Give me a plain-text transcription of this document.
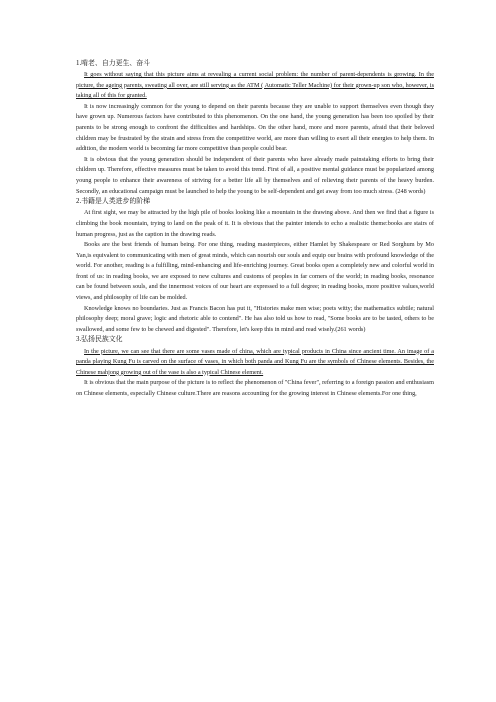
1.啃老、自力更生、奋斗

It goes without saying that this picture aims at revealing a current social problem: the number of parent-dependents is growing. In the picture, the ageing parents, sweating all over, are still serving as the ATM ( Automatic Teller Machine) for their grown-up son who, however, is taking all of this for granted.

It is now increasingly common for the young to depend on their parents because they are unable to support themselves even though they have grown up. Numerous factors have contributed to this phenomenon. On the one hand, the young generation has been too spoiled by their parents to be strong enough to confront the difficulties and hardships. On the other hand, more and more parents, afraid that their beloved children may be frustrated by the strain and stress from the competitive world, are more than willing to exert all their energies to help them. In addition, the modern world is becoming far more competitive than people could bear.

It is obvious that the young generation should be independent of their parents who have already made painstaking efforts to bring their children up. Therefore, effective measures must be taken to avoid this trend. First of all, a positive mental guidance must be popularized among young people to enhance their awareness of striving for a better life all by themselves and of relieving their parents of the heavy burden. Secondly, an educational campaign must be launched to help the young to be self-dependent and get away from too much stress. (248 words)

2.书籍是人类进步的阶梯

At first sight, we may be attracted by the high pile of books looking like a mountain in the drawing above. And then we find that a figure is climbing the book mountain, trying to land on the peak of it. It is obvious that the painter intends to echo a realistic theme:books are stairs of human progress, just as the caption in the drawing reads.

Books are the best friends of human being. For one thing, reading masterpieces, either Hamlet by Shakespeare or Red Sorghum by Mo Yan,is equivalent to communicating with men of great minds, which can nourish our souls and equip our brains with profound knowledge of the world. For another, reading is a fulfilling, mind-enhancing and life-enriching journey. Great books open a completely new and colorful world in front of us: in reading books, we are exposed to new cultures and customs of peoples in far corners of the world; in reading books, resonance can be found between souls, and the innermost voices of our heart are expressed to a full degree; in reading books, more positive values,world views, and philosophy of life can be molded.

Knowledge knows no boundaries. Just as Francis Bacon has put it, "Histories make men wise; poets witty; the mathematics subtile; natural philosophy deep; moral grave; logic and rhetoric able to contend". He has also told us how to read, "Some books are to be tasted, others to be swallowed, and some few to be chewed and digested". Therefore, let's keep this in mind and read wisely.(261 words)

3.弘扬民族文化

In the picture, we can see that there are some vases made of china, which are typical products in China since ancient time. An image of a panda playing Kung Fu is carved on the surface of vases, in which both panda and Kung Fu are the symbols of Chinese elements. Besides, the Chinese mahjong growing out of the vase is also a typical Chinese element.

It is obvious that the main purpose of the picture is to reflect the phenomenon of "China fever", referring to a foreign passion and enthusiasm on Chinese elements, especially Chinese culture.There are reasons accounting for the growing interest in Chinese elements.For one thing,
